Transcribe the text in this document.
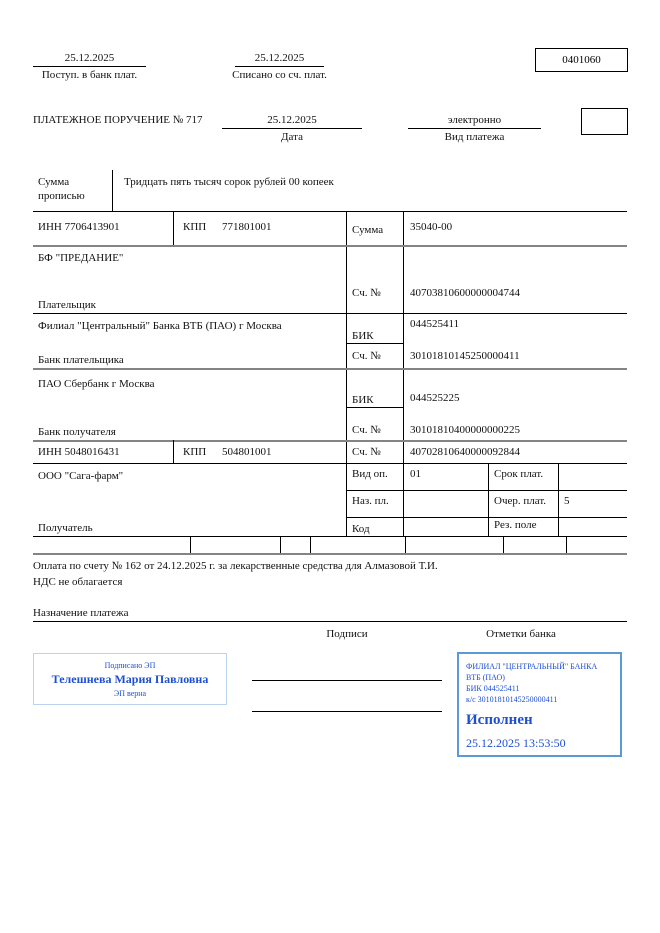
25.12.2025
Поступ. в банк плат.
25.12.2025
Списано со сч. плат.
0401060
ПЛАТЕЖНОЕ ПОРУЧЕНИЕ № 717	25.12.2025
Дата
электронно
Вид платежа
Сумма
прописью
Тридцать пять тысяч сорок рублей 00 копеек
ИНН 7706413901	КПП 771801001	Сумма 35040-00
БФ "ПРЕДАНИЕ"
Сч. №	40703810600000004744
Плательщик
Филиал "Центральный" Банка ВТБ (ПАО) г Москва	044525411
БИК
Сч. №	30101810145250000411
Банк плательщика
ПАО Сбербанк г Москва
044525225
БИК
Сч. №	30101810400000000225
Банк получателя
ИНН 5048016431	КПП 504801001	Сч. №	40702810640000092844
ООО "Сага-фарм"	Вид оп. 01	Срок плат.
Наз. пл.	Очер. плат. 5
Код	Рез. поле
Получатель
Оплата по счету № 162 от 24.12.2025 г. за лекарственные средства для Алмазовой Т.И.
НДС не облагается
Назначение платежа
Подписи	Отметки банка
Подписано ЭП
Телешнева Мария Павловна
ЭП верна
ФИЛИАЛ "ЦЕНТРАЛЬНЫЙ" БАНКА
ВТБ (ПАО)
БИК 044525411
к/с 30101810145250000411
Исполнен
25.12.2025 13:53:50
